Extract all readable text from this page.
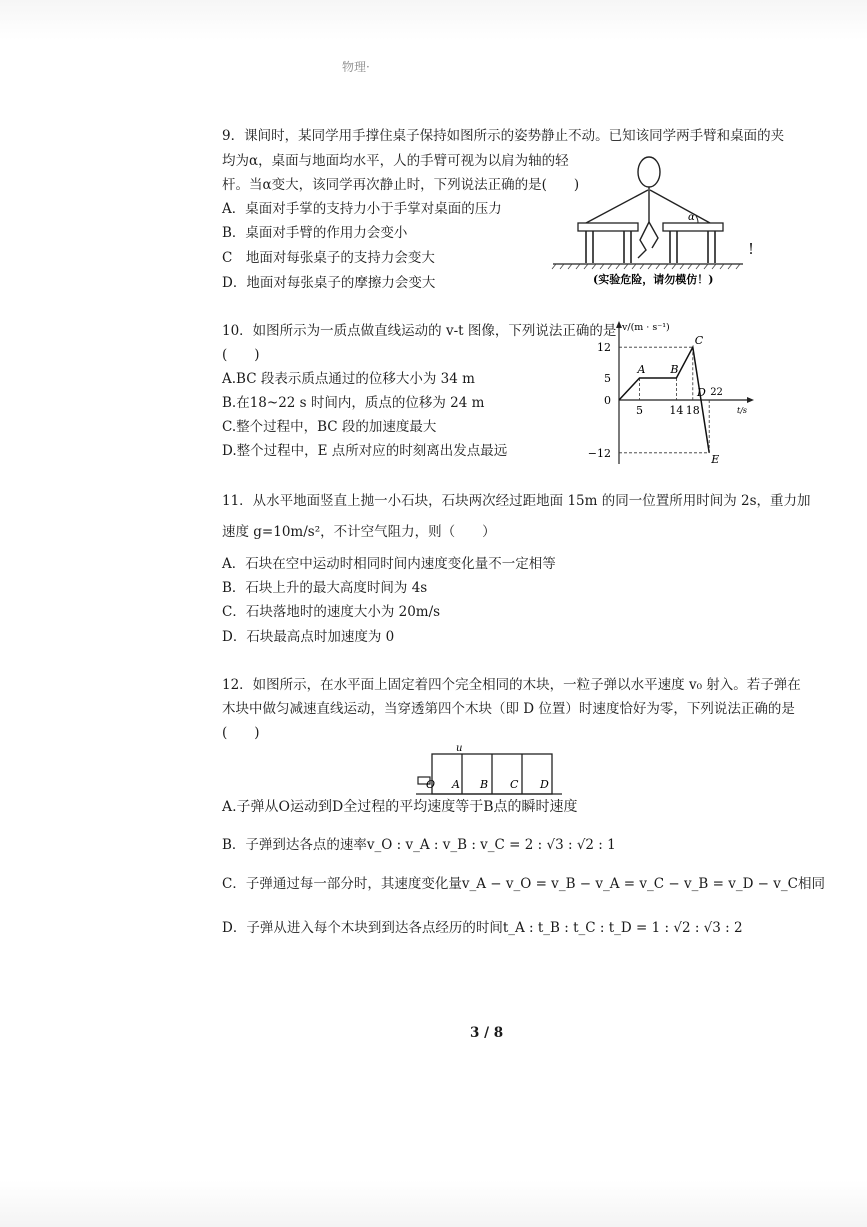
物理·
9．课间时，某同学用手撑住桌子保持如图所示的姿势静止不动。已知该同学两手臂和桌面的夹
均为α，桌面与地面均水平，人的手臂可视为以肩为轴的轻
杆。当α变大，该同学再次静止时，下列说法正确的是(　　)
A．桌面对手掌的支持力小于手掌对桌面的压力
B．桌面对手臂的作用力会变小
C　地面对每张桌子的支持力会变大
D．地面对每张桌子的摩擦力会变大
α
(实验危险，请勿模仿！)
!
10．如图所示为一质点做直线运动的 v-t 图像，下列说法正确的是
(　　)
A.BC 段表示质点通过的位移大小为 34 m
B.在18~22 s 时间内，质点的位移为 24 m
C.整个过程中，BC 段的加速度最大
D.整个过程中，E 点所对应的时刻离出发点最远
v/(m · s⁻¹)
t/s
12
5
0
−12
5 14 18
22
A B
C
D
E
11．从水平地面竖直上抛一小石块，石块两次经过距地面 15m 的同一位置所用时间为 2s，重力加
速度 g=10m/s²，不计空气阻力，则（　　）
A．石块在空中运动时相同时间内速度变化量不一定相等
B．石块上升的最大高度时间为 4s
C．石块落地时的速度大小为 20m/s
D．石块最高点时加速度为 0
12．如图所示，在水平面上固定着四个完全相同的木块，一粒子弹以水平速度 v₀ 射入。若子弹在
木块中做匀减速直线运动，当穿透第四个木块（即 D 位置）时速度恰好为零，下列说法正确的是
(　　)
u
O A B C D
A.子弹从O运动到D全过程的平均速度等于B点的瞬时速度
B．子弹到达各点的速率v_O : v_A : v_B : v_C = 2 : √3 : √2 : 1
C．子弹通过每一部分时，其速度变化量v_A − v_O = v_B − v_A = v_C − v_B = v_D − v_C相同
D．子弹从进入每个木块到到达各点经历的时间t_A : t_B : t_C : t_D = 1 : √2 : √3 : 2
3 / 8
